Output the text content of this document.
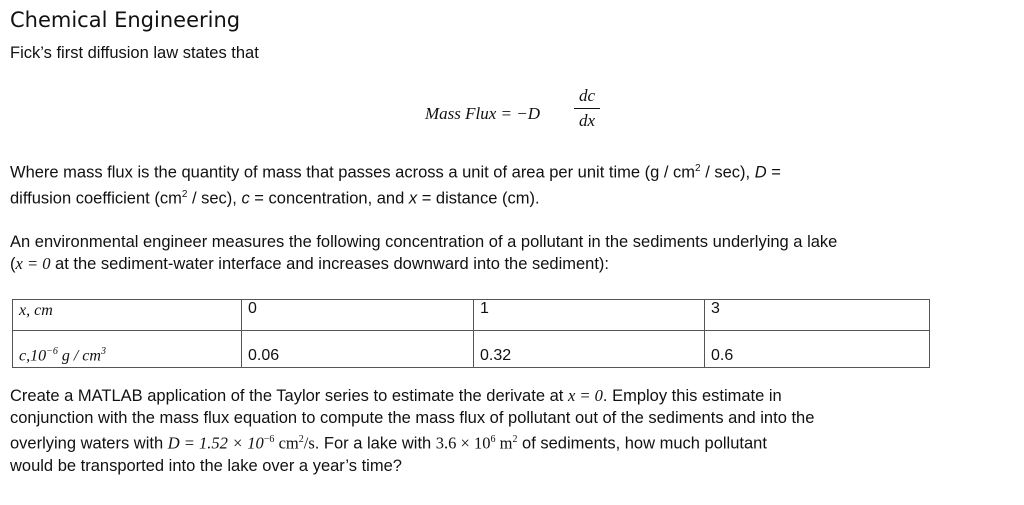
Chemical Engineering
Fick’s first diffusion law states that
Mass Flux = −D
dc
dx
Where mass flux is the quantity of mass that passes across a unit of area per unit time $(g / cm^2 / \sec)$, D =
diffusion coefficient $(cm^2 / \sec)$, c = concentration, and x = distance (cm).
An environmental engineer measures the following concentration of a pollutant in the sediments underlying a lake
(x = 0 at the sediment-water interface and increases downward into the sediment):
x, cm	0	1	3
$c,10^{-6}$ g / $cm^3$	0.06	0.32	0.6
Create a MATLAB application of the Taylor series to estimate the derivate at x = 0. Employ this estimate in
conjunction with the mass flux equation to compute the mass flux of pollutant out of the sediments and into the
overlying waters with $D = 1.52 \times 10^{-6}$ $cm^2/s$. For a lake with $3.6 \times 10^6$ $m^2$ of sediments, how much pollutant
would be transported into the lake over a year’s time?
